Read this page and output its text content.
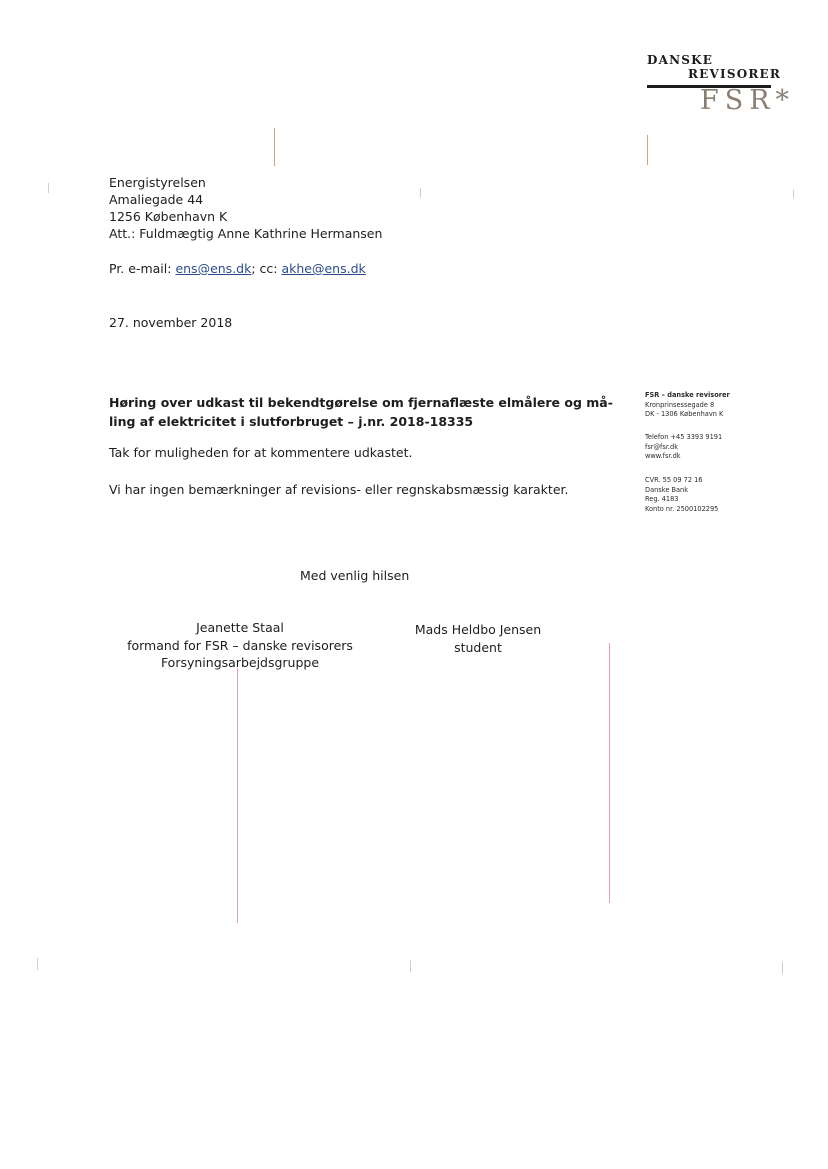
DANSKE
REVISORER
FSR*
Energistyrelsen
Amaliegade 44
1256 København K
Att.: Fuldmægtig Anne Kathrine Hermansen
Pr. e-mail: ens@ens.dk; cc: akhe@ens.dk
27. november 2018
Høring over udkast til bekendtgørelse om fjernaflæste elmålere og må-
ling af elektricitet i slutforbruget – j.nr. 2018-18335
Tak for muligheden for at kommentere udkastet.
Vi har ingen bemærkninger af revisions- eller regnskabsmæssig karakter.
FSR – danske revisorer
Kronprinsessegade 8
DK - 1306 København K
Telefon +45 3393 9191
fsr@fsr.dk
www.fsr.dk
CVR. 55 09 72 16
Danske Bank
Reg. 4183
Konto nr. 2500102295
Med venlig hilsen
Jeanette Staal
formand for FSR – danske revisorers
Forsyningsarbejdsgruppe
Mads Heldbo Jensen
student
